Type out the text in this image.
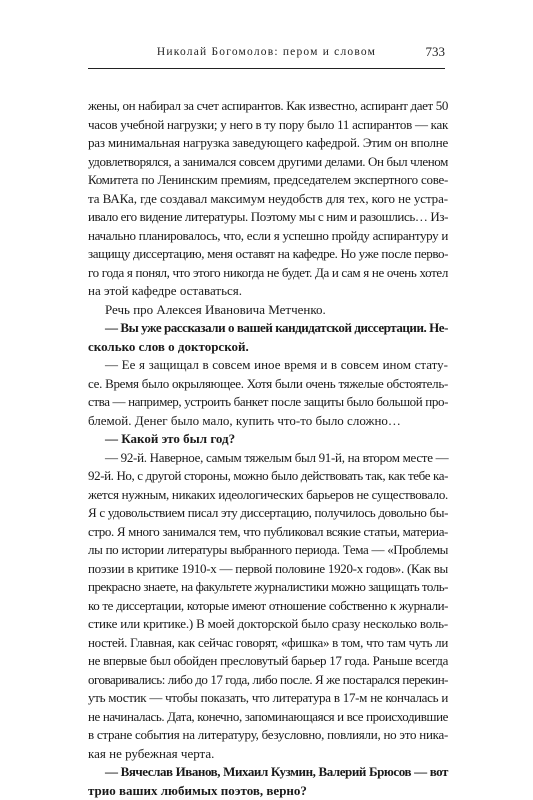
Николай Богомолов: пером и словом	733
жены, он набирал за счет аспирантов. Как известно, аспирант дает 50
часов учебной нагрузки; у него в ту пору было 11 аспирантов — как
раз минимальная нагрузка заведующего кафедрой. Этим он вполне
удовлетворялся, а занимался совсем другими делами. Он был членом
Комитета по Ленинским премиям, председателем экспертного сове-
та ВАКа, где создавал максимум неудобств для тех, кого не устра-
ивало его видение литературы. Поэтому мы с ним и разошлись… Из-
начально планировалось, что, если я успешно пройду аспирантуру и
защищу диссертацию, меня оставят на кафедре. Но уже после перво-
го года я понял, что этого никогда не будет. Да и сам я не очень хотел
на этой кафедре оставаться.
Речь про Алексея Ивановича Метченко.
— Вы уже рассказали о вашей кандидатской диссертации. Не-
сколько слов о докторской.
— Ее я защищал в совсем иное время и в совсем ином стату-
се. Время было окрыляющее. Хотя были очень тяжелые обстоятель-
ства — например, устроить банкет после защиты было большой про-
блемой. Денег было мало, купить что-то было сложно…
— Какой это был год?
— 92-й. Наверное, самым тяжелым был 91-й, на втором месте —
92-й. Но, с другой стороны, можно было действовать так, как тебе ка-
жется нужным, никаких идеологических барьеров не существовало.
Я с удовольствием писал эту диссертацию, получилось довольно бы-
стро. Я много занимался тем, что публиковал всякие статьи, материа-
лы по истории литературы выбранного периода. Тема — «Проблемы
поэзии в критике 1910-х — первой половине 1920-х годов». (Как вы
прекрасно знаете, на факультете журналистики можно защищать толь-
ко те диссертации, которые имеют отношение собственно к журнали-
стике или критике.) В моей докторской было сразу несколько воль-
ностей. Главная, как сейчас говорят, «фишка» в том, что там чуть ли
не впервые был обойден пресловутый барьер 17 года. Раньше всегда
оговаривались: либо до 17 года, либо после. Я же постарался перекин-
уть мостик — чтобы показать, что литература в 17-м не кончалась и
не начиналась. Дата, конечно, запоминающаяся и все происходившие
в стране события на литературу, безусловно, повлияли, но это ника-
кая не рубежная черта.
— Вячеслав Иванов, Михаил Кузмин, Валерий Брюсов — вот
трио ваших любимых поэтов, верно?
